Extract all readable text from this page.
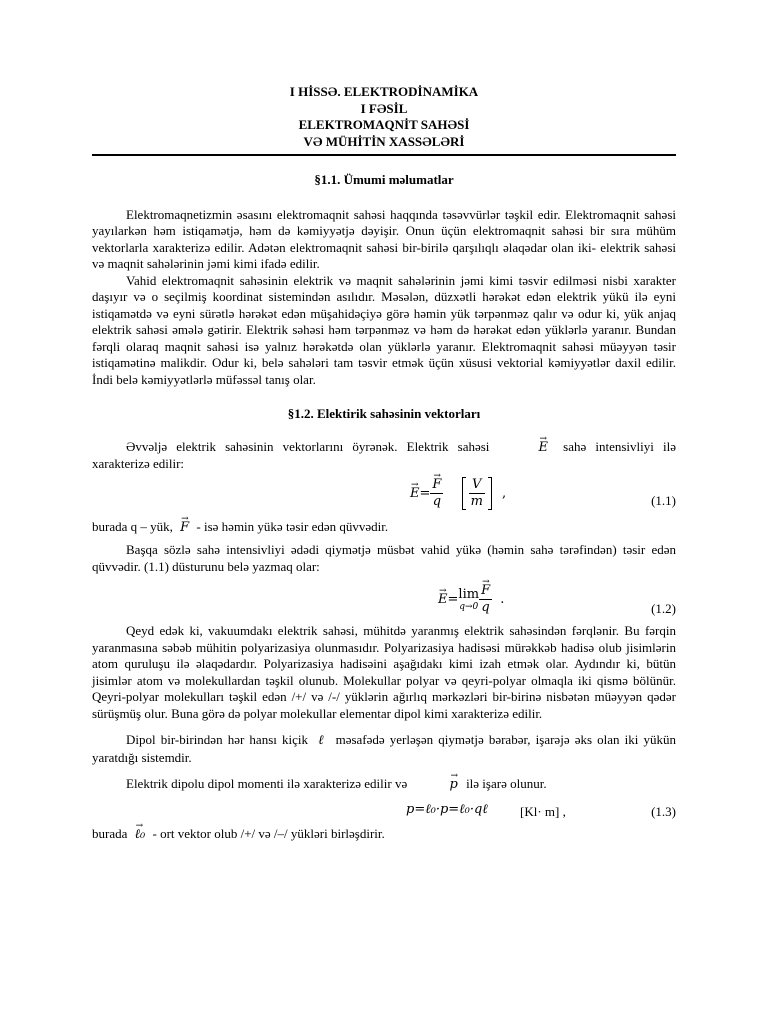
I HİSSƏ. ELEKTRODİNAMİKA
I FƏSİL
ELEKTROMAQNİT SAHƏSİ
VƏ MÜHİTİN XASSƏLƏRİ
§1.1. Ümumi məlumatlar

Elektromaqnetizmin əsasını elektromaqnit sahəsi haqqında təsəvvürlər təşkil edir. Elektromaqnit sahəsi yayılarkən həm istiqamətjə, həm də kəmiyyətjə dəyişir. Onun üçün elektromaqnit sahəsi bir sıra mühüm vektorlarla xarakterizə edilir. Adətən elektromaqnit sahəsi bir-birilə qarşılıqlı əlaqədar olan iki- elektrik sahəsi və maqnit sahələrinin jəmi kimi ifadə edilir.

Vahid elektromaqnit sahəsinin elektrik və maqnit sahələrinin jəmi kimi təsvir edilməsi nisbi xarakter daşıyır və o seçilmiş koordinat sistemindən asılıdır. Məsələn, düzxətli hərəkət edən elektrik yükü ilə eyni istiqamətdə və eyni sürətlə hərəkət edən müşahidəçiyə görə həmin yük tərpənməz qalır və odur ki, yük anjaq elektrik sahəsi əmələ gətirir. Elektrik səhəsi həm tərpənməz və həm də hərəkət edən yüklərlə yaranır. Bundan fərqli olaraq maqnit sahəsi isə yalnız hərəkətdə olan yüklərlə yaranır. Elektromaqnit sahəsi müəyyən təsir istiqamətinə malikdir. Odur ki, belə sahələri tam təsvir etmək üçün xüsusi vektorial kəmiyyətlər daxil edilir. İndi belə kəmiyyətlərlə müfəssəl tanış olar.

§1.2. Elektirik sahəsinin vektorları

Əvvəljə elektrik sahəsinin vektorlarını öyrənək. Elektrik sahəsi →	E sahə intensivliyi ilə xarakterizə edilir:

→ E=
→ $\frac{F}{q}$
$\frac{V}{m}$ ,	(1.1)

burada q – yük, → F - isə həmin yükə təsir edən qüvvədir.

Başqa sözlə sahə intensivliyi ədədi qiymətjə müsbət vahid yükə (həmin sahə tərəfindən) təsir edən qüvvədir. (1.1) düsturunu belə yazmaq olar:

→ E=lim
q→0
→ $\frac{F}{q}$ .
(1.2)

Qeyd edək ki, vakuumdakı elektrik sahəsi, mühitdə yaranmış elektrik sahəsindən fərqlənir. Bu fərqin yaranmasına səbəb mühitin polyarizasiya olunmasıdır. Polyarizasiya hadisəsi mürəkkəb hadisə olub jisimlərin atom quruluşu ilə əlaqədardır. Polyarizasiya hadisəini aşağıdakı kimi izah etmək olar. Aydındır ki, bütün jisimlər atom və molekullardan təşkil olunub. Molekullar polyar və qeyri-polyar olmaqla iki qismə bölünür. Qeyri-polyar molekulları təşkil edən /+/ və /-/ yüklərin ağırlıq mərkəzləri bir-birinə nisbətən müəyyən qədər sürüşmüş olur. Buna görə də polyar molekullar elementar dipol kimi xarakterizə edilir.

Dipol bir-birindən hər hansı kiçik ℓ məsafədə yerləşən qiymətjə bərabər, işarəjə əks olan iki yükün yaratdığı sistemdir.

Elektrik dipolu dipol momenti ilə xarakterizə edilir və →	p ilə işarə olunur.

p=ℓ₀·p=ℓ₀·qℓ [Kl· m] ,	(1.3)

burada → ℓ₀ - ort vektor olub /+/ və /–/ yükləri birləşdirir.
